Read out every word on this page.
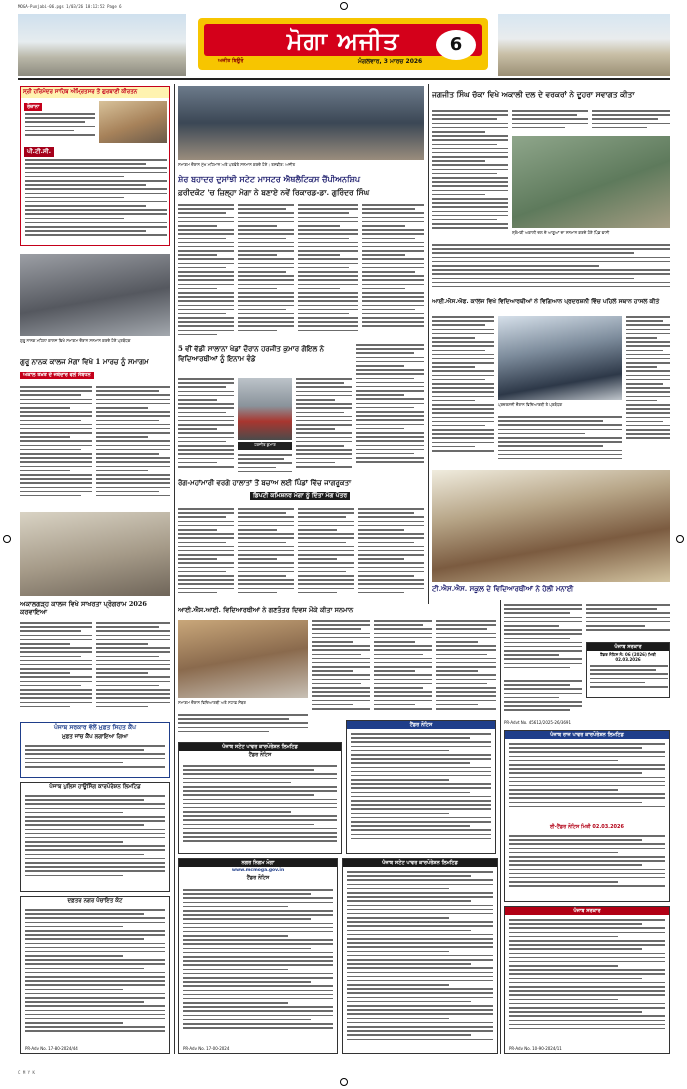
MOGA-Punjabi-06.pgs 1/03/26 18:12:52 Page 6
ਮੋਗਾ ਅਜੀਤ	6
ਅਜੀਤ ਬਿਊਰੋ	ਮੰਗਲਵਾਰ, 3 ਮਾਰਚ 2026
ਸ੍ਰੀ ਹਰਿਮੰਦਰ ਸਾਹਿਬ ਅੰਮ੍ਰਿਤਸਰ ਤੋਂ ਗੁਰਬਾਣੀ ਕੀਰਤਨ
ਰੋਜ਼ਾਨਾ
ਪੀ.ਟੀ.ਸੀ.
ਗੁਰੂ ਨਾਨਕ ਮਹਿਲਾ ਕਾਲਜ ਵਿਖੇ ਸਮਾਗਮ ਦੌਰਾਨ ਸਨਮਾਨ ਕਰਦੇ ਹੋਏ ਪ੍ਰਬੰਧਕ
ਗੁਰੂ ਨਾਨਕ ਕਾਲਜ ਮੋਗਾ ਵਿਖੇ 1 ਮਾਰਚ ਨੂੰ ਸਮਾਗਮ
ਅਕਾਲ ਤਖ਼ਤ ਦੇ ਜਥੇਦਾਰ ਵਲੋਂ ਸੰਬੋਧਨ
ਅਕਾਲਗੜ੍ਹ ਕਾਲਜ ਵਿਖੇ ਸਾਖਰਤਾ ਪ੍ਰੋਗਰਾਮ 2026 ਕਰਵਾਇਆ
ਪੰਜਾਬ ਸਰਕਾਰ ਵੱਲੋਂ ਮੁਫ਼ਤ ਸਿਹਤ ਕੈਂਪ
ਮੁਫ਼ਤ ਜਾਂਚ ਕੈਂਪ ਲਗਾਇਆ ਗਿਆ
ਪੰਜਾਬ ਪੁਲਿਸ ਹਾਊਸਿੰਗ ਕਾਰਪੋਰੇਸ਼ਨ ਲਿਮਟਿਡ
ਦਫ਼ਤਰ ਨਗਰ ਪੰਚਾਇਤ ਕੋਟ
PR-Adv No. 17-80-2024/44
ਸਮਾਗਮ ਦੌਰਾਨ ਮੁੱਖ ਮਹਿਮਾਨ ਅਤੇ ਪਤਵੰਤੇ ਸਨਮਾਨ ਕਰਦੇ ਹੋਏ। ਤਸਵੀਰ: ਅਜੀਤ
ਸ਼ੇਰ ਬਹਾਦਰ ਦੁਸਾਂਝੀ ਸਟੇਟ ਮਾਸਟਰ ਐਥਲੈਟਿਕਸ ਚੈਂਪੀਅਨਸ਼ਿਪ
ਫ਼ਰੀਦਕੋਟ 'ਚ ਜ਼ਿਲ੍ਹਾ ਮੋਗਾ ਨੇ ਬਣਾਏ ਨਵੇਂ ਰਿਕਾਰਡ-ਡਾ. ਗੁਰਿੰਦਰ ਸਿੰਘ
5 ਵੀਂ ਵੱਡੀ ਸਾਲਾਨਾ ਖੇਡਾਂ ਦੌਰਾਨ ਹਰਜੀਤ ਕੁਮਾਰ ਗੋਇਲ ਨੇ ਵਿਦਿਆਰਥੀਆਂ ਨੂੰ ਇਨਾਮ ਵੰਡੇ
ਹਰਜੀਤ ਕੁਮਾਰ
ਰੋਗ-ਮਹਾਂਮਾਰੀ ਵਰਗੇ ਹਾਲਾਤਾਂ ਤੋਂ ਬਚਾਅ ਲਈ ਪਿੰਡਾਂ ਵਿੱਚ ਜਾਗਰੂਕਤਾ
ਡਿਪਟੀ ਕਮਿਸ਼ਨਰ ਮੋਗਾ ਨੂੰ ਦਿੱਤਾ ਮੰਗ ਪੱਤਰ
ਆਈ.ਐਸ.ਆਈ. ਵਿਦਿਆਰਥੀਆਂ ਨੇ ਗਣਤੰਤਰ ਦਿਵਸ ਮੌਕੇ ਕੀਤਾ ਸਨਮਾਨ
ਸਮਾਗਮ ਦੌਰਾਨ ਵਿਦਿਆਰਥੀ ਅਤੇ ਸਟਾਫ਼ ਮੈਂਬਰ
ਪੰਜਾਬ ਸਟੇਟ ਪਾਵਰ ਕਾਰਪੋਰੇਸ਼ਨ ਲਿਮਟਿਡ
ਟੈਂਡਰ ਨੋਟਿਸ
ਟੈਂਡਰ ਨੋਟਿਸ
ਨਗਰ ਨਿਗਮ ਮੋਗਾ
www.mcmoga.gov.in
ਟੈਂਡਰ ਨੋਟਿਸ
PR-Adv No. 17-00-2024
ਪੰਜਾਬ ਸਟੇਟ ਪਾਵਰ ਕਾਰਪੋਰੇਸ਼ਨ ਲਿਮਟਿਡ
ਜਗਜੀਤ ਸਿੰਘ ਚੱਕਾ ਵਿਖੇ ਅਕਾਲੀ ਦਲ ਦੇ ਵਰਕਰਾਂ ਨੇ ਦੂਹਰਾ ਸਵਾਗਤ ਕੀਤਾ
ਸ਼੍ਰੋਮਣੀ ਅਕਾਲੀ ਦਲ ਦੇ ਆਗੂਆਂ ਦਾ ਸਨਮਾਨ ਕਰਦੇ ਹੋਏ ਪਿੰਡ ਵਾਸੀ
ਆਈ.ਐਸ.ਐਫ. ਕਾਲਜ ਵਿਖੇ ਵਿਦਿਆਰਥੀਆਂ ਨੇ ਵਿਗਿਆਨ ਪ੍ਰਦਰਸ਼ਨੀ ਵਿੱਚ ਪਹਿਲੇ ਸਥਾਨ ਹਾਸਲ ਕੀਤੇ
ਪ੍ਰਦਰਸ਼ਨੀ ਦੌਰਾਨ ਵਿਦਿਆਰਥੀ ਤੇ ਪ੍ਰਬੰਧਕ
ਟੀ.ਐਸ.ਐਸ. ਸਕੂਲ ਦੇ ਵਿਦਿਆਰਥੀਆਂ ਨੇ ਹੋਲੀ ਮਨਾਈ
ਪੰਜਾਬ ਸਰਕਾਰ
ਟੈਂਡਰ ਨੋਟਿਸ ਨੰ: 06 (2026) ਮਿਤੀ 02.03.2026
PR-Advt No. 45612/2025-26/3691
ਪੰਜਾਬ ਰਾਜ ਪਾਵਰ ਕਾਰਪੋਰੇਸ਼ਨ ਲਿਮਟਿਡ
ਈ-ਟੈਂਡਰ ਨੋਟਿਸ ਮਿਤੀ 02.03.2026
ਪੰਜਾਬ ਸਰਕਾਰ
PR-Adv No. 10-90-2024/11
C M Y K
